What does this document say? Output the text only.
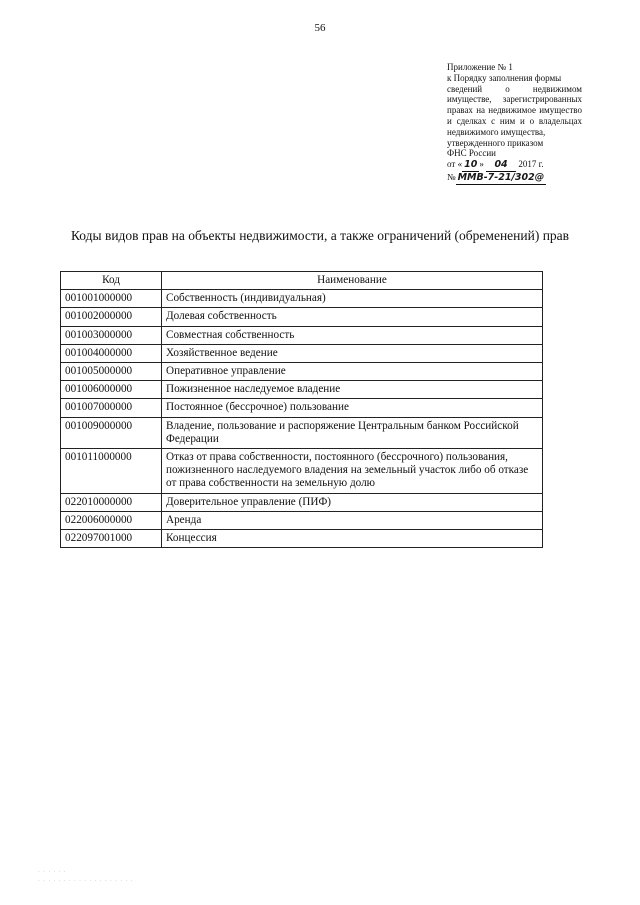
56
Приложение № 1
к Порядку заполнения формы
сведений о недвижимом
имуществе, зарегистрированных
правах на недвижимое имущество
и сделках с ним и о владельцах
недвижимого имущества,
утвержденного приказом
ФНС России
от « 10 » 04 2017 г.
№ ММВ-7-21/302@
Коды видов прав на объекты недвижимости, а также ограничений (обременений) прав
Код	Наименование
001001000000	Собственность (индивидуальная)
001002000000	Долевая собственность
001003000000	Совместная собственность
001004000000	Хозяйственное ведение
001005000000	Оперативное управление
001006000000	Пожизненное наследуемое владение
001007000000	Постоянное (бессрочное) пользование
001009000000	Владение, пользование и распоряжение Центральным банком Российской Федерации
001011000000	Отказ от права собственности, постоянного (бессрочного) пользования, пожизненного наследуемого владения на земельный участок либо об отказе от права собственности на земельную долю
022010000000	Доверительное управление (ПИФ)
022006000000	Аренда
022097001000	Концессия
· · · · · ·
· · · · · · · · · · · · · · · · · · ·
